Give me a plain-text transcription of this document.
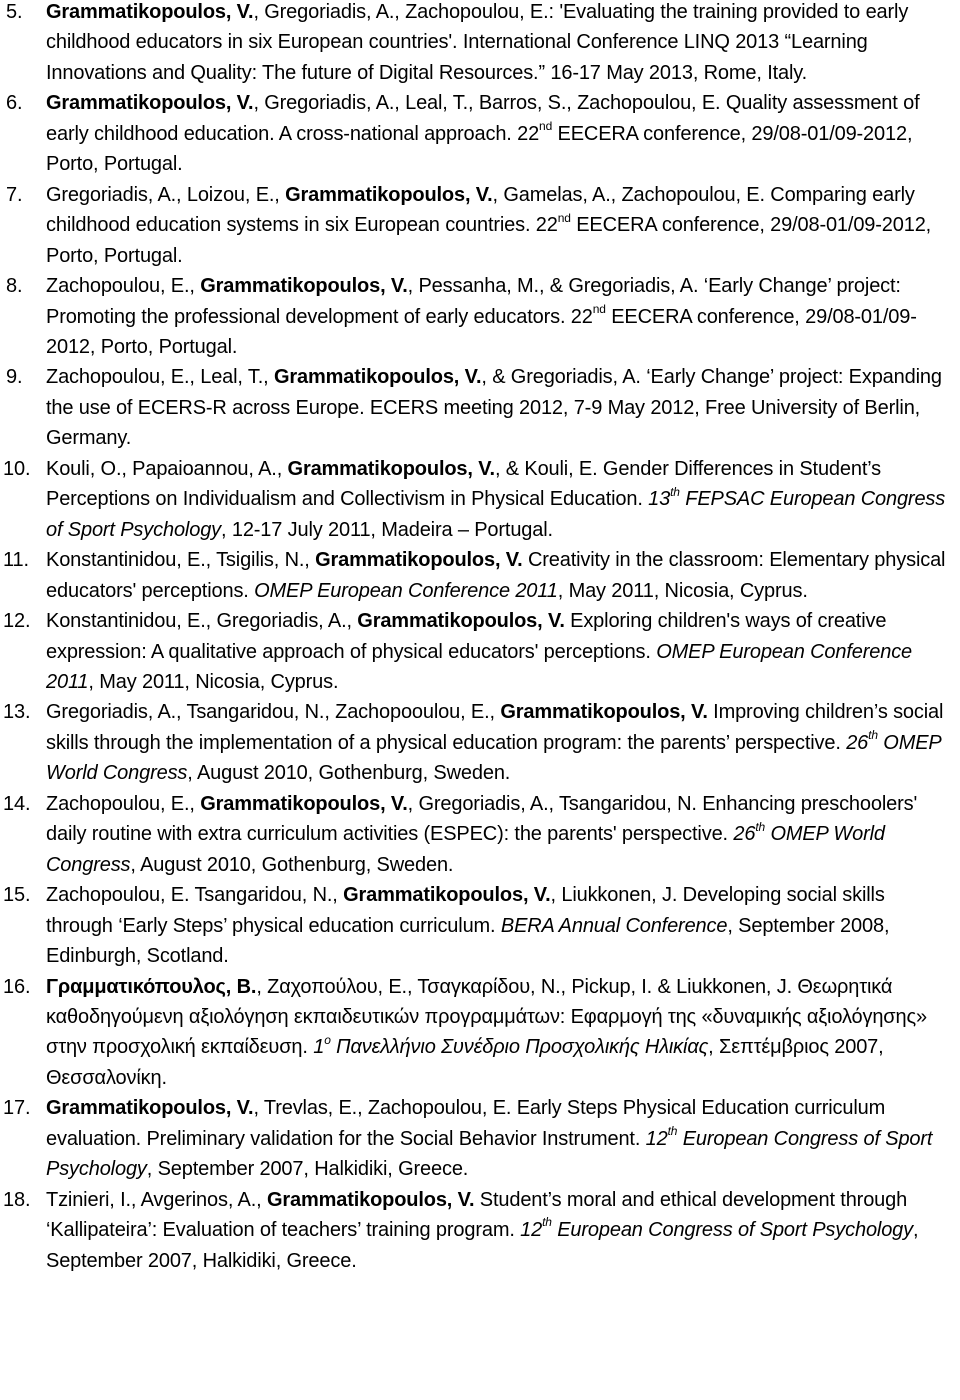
5.	Grammatikopoulos, V., Gregoriadis, A., Zachopoulou, E.: 'Evaluating the training provided to early childhood educators in six European countries'. International Conference LINQ 2013 “Learning Innovations and Quality: The future of Digital Resources.” 16-17 May 2013, Rome, Italy.
6.	Grammatikopoulos, V., Gregoriadis, A., Leal, T., Barros, S., Zachopoulou, E. Quality assessment of early childhood education. A cross-national approach. 22nd EECERA conference, 29/08-01/09-2012, Porto, Portugal.
7.	Gregoriadis, A., Loizou, E., Grammatikopoulos, V., Gamelas, A., Zachopoulou, E. Comparing early childhood education systems in six European countries. 22nd EECERA conference, 29/08-01/09-2012, Porto, Portugal.
8.	Zachopoulou, E., Grammatikopoulos, V., Pessanha, M., & Gregoriadis, A. ‘Early Change’ project: Promoting the professional development of early educators. 22nd EECERA conference, 29/08-01/09-2012, Porto, Portugal.
9.	Zachopoulou, E., Leal, T., Grammatikopoulos, V., & Gregoriadis, A. ‘Early Change’ project: Expanding the use of ECERS-R across Europe. ECERS meeting 2012, 7-9 May 2012, Free University of Berlin, Germany.
10. Kouli, O., Papaioannou, A., Grammatikopoulos, V., & Kouli, E. Gender Differences in Student’s Perceptions on Individualism and Collectivism in Physical Education. 13th FEPSAC European Congress of Sport Psychology, 12-17 July 2011, Madeira – Portugal.
11. Konstantinidou, E., Tsigilis, N., Grammatikopoulos, V. Creativity in the classroom: Elementary physical educators' perceptions. OMEP European Conference 2011, May 2011, Nicosia, Cyprus.
12. Konstantinidou, E., Gregoriadis, A., Grammatikopoulos, V. Exploring children's ways of creative expression: A qualitative approach of physical educators' perceptions. OMEP European Conference 2011, May 2011, Nicosia, Cyprus.
13. Gregoriadis, A., Tsangaridou, N., Zachopooulou, E., Grammatikopoulos, V. Improving children’s social skills through the implementation of a physical education program: the parents’ perspective. 26th OMEP World Congress, August 2010, Gothenburg, Sweden.
14. Zachopoulou, E., Grammatikopoulos, V., Gregoriadis, A., Tsangaridou, N. Enhancing preschoolers' daily routine with extra curriculum activities (ESPEC): the parents' perspective. 26th OMEP World Congress, August 2010, Gothenburg, Sweden.
15. Zachopoulou, E. Tsangaridou, N., Grammatikopoulos, V., Liukkonen, J. Developing social skills through ‘Early Steps’ physical education curriculum. BERA Annual Conference, September 2008, Edinburgh, Scotland.
16. Γραμματικόπουλος, Β., Ζαχοπούλου, Ε., Τσαγκαρίδου, Ν., Pickup, I. & Liukkonen, J. Θεωρητικά καθοδηγούμενη αξιολόγηση εκπαιδευτικών προγραμμάτων: Εφαρμογή της «δυναμικής αξιολόγησης» στην προσχολική εκπαίδευση. $1^o$ Πανελλήνιο Συνέδριο Προσχολικής Ηλικίας, Σεπτέμβριος 2007, Θεσσαλονίκη.
17. Grammatikopoulos, V., Trevlas, E., Zachopoulou, E. Early Steps Physical Education curriculum evaluation. Preliminary validation for the Social Behavior Instrument. 12th European Congress of Sport Psychology, September 2007, Halkidiki, Greece.
18. Tzinieri, I., Avgerinos, A., Grammatikopoulos, V. Student’s moral and ethical development through ‘Kallipateira’: Evaluation of teachers’ training program. 12th European Congress of Sport Psychology, September 2007, Halkidiki, Greece.
